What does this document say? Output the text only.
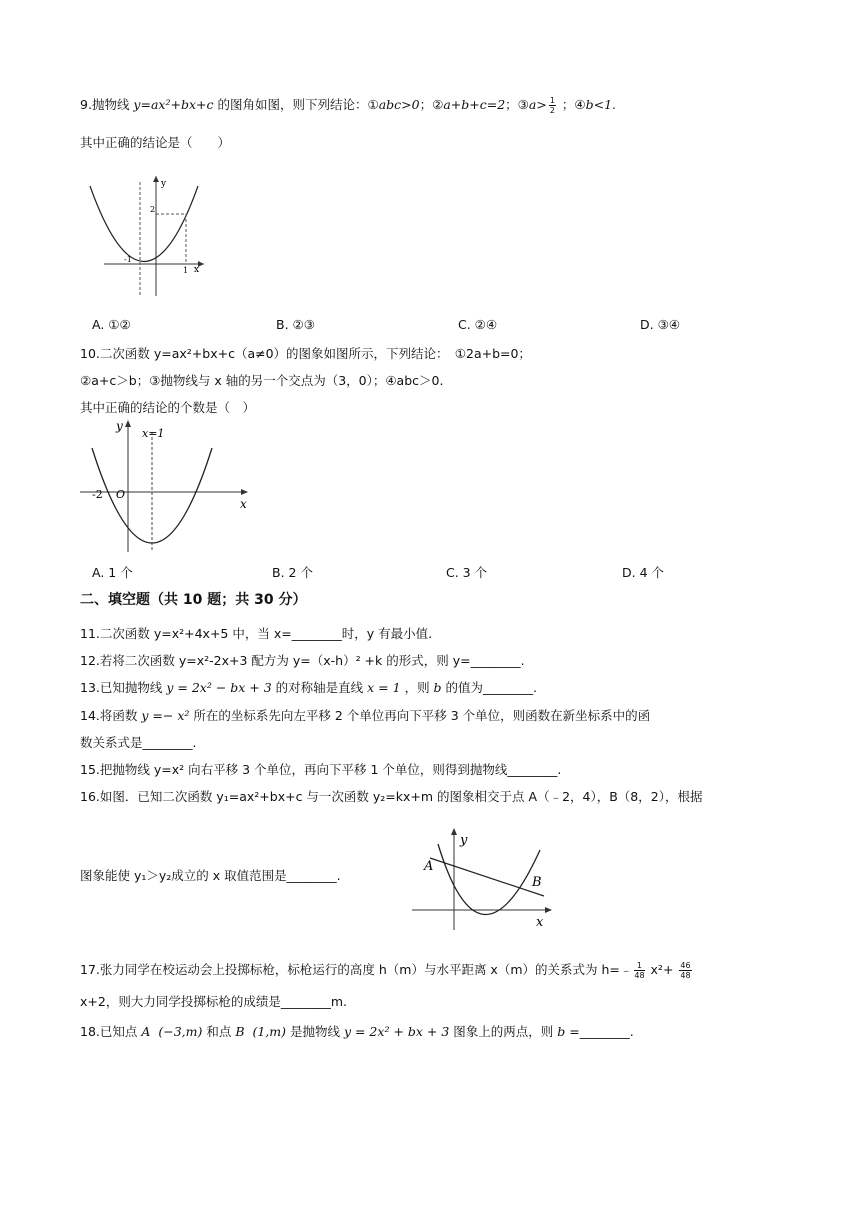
9.抛物线 y=ax²+bx+c 的图角如图，则下列结论：①abc>0；②a+b+c=2；③a> $\frac{1}{2}$ ；④b<1.
其中正确的结论是（　　）
y
x
2
-1
1
A. ①②	B. ②③	C. ②④	D. ③④
10.二次函数 y=ax²+bx+c（a≠0）的图象如图所示，下列结论：　①2a+b=0；
②a+c＞b；③抛物线与 x 轴的另一个交点为（3，0）；④abc＞0.
其中正确的结论的个数是（　）
y
x
x=1
-2 O
A. 1 个	B. 2 个	C. 3 个	D. 4 个
二、填空题（共 10 题；共 30 分）
11.二次函数 y=x²+4x+5 中，当 x=________时，y 有最小值.
12.若将二次函数 y=x²-2x+3 配方为 y=（x-h）² +k 的形式，则 y=________.
13.已知抛物线 y = 2x² − bx + 3 的对称轴是直线 x = 1 ，则 b 的值为________.
14.将函数 y =− x² 所在的坐标系先向左平移 2 个单位再向下平移 3 个单位，则函数在新坐标系中的函
数关系式是________.
15.把抛物线 y=x² 向右平移 3 个单位，再向下平移 1 个单位，则得到抛物线________.
16.如图．已知二次函数 y₁=ax²+bx+c 与一次函数 y₂=kx+m 的图象相交于点 A（﹣2，4），B（8，2），根据
图象能使 y₁＞y₂成立的 x 取值范围是________.
y
x
A
B
17.张力同学在校运动会上投掷标枪，标枪运行的高度 h（m）与水平距离 x（m）的关系式为 h=﹣ $\frac{1}{48} x^2+ \frac{46}{48}$
x+2，则大力同学投掷标枪的成绩是________m.
18.已知点 A (−3,m) 和点 B (1,m) 是抛物线 y = 2x² + bx + 3 图象上的两点，则 b =________.
